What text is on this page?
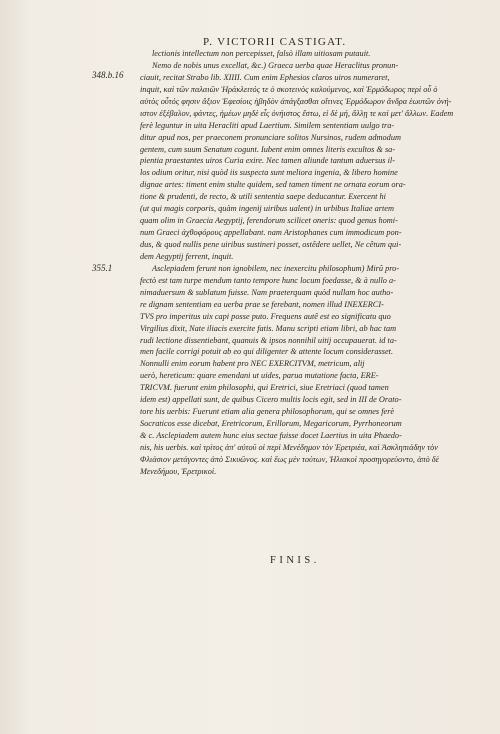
P. VICTORII CASTIGAT.
348.b.16
355.1
lectionis intellectum non percepisset, falsò illam uitiosam putauit.
Nemo de nobis unus excellat, &c.) Graeca uerba quae Heraclitus pronun-
ciauit, recitat Strabo lib. XIIII. Cum enim Ephesios claros uiros numeraret,
inquit, καὶ τῶν παλαιῶν Ἡράκλειτός τε ὁ σκοτεινὸς καλούμενος, καὶ Ἑρμόδωρος περὶ οὗ ὁ
αὐτὸς οὗτός φησιν ἄξιον Ἐφεσίοις ἡβηδὸν ἀπάγξασθαι οἵτινες Ἑρμόδωρον ἄνδρα ἑωυτῶν ὀνή-
ιστον ἐξέβαλον, φάντες, ἡμέων μηδὲ εἷς ὀνήιστος ἔστω, εἰ δὲ μή, ἄλλῃ τε καὶ μετ' ἄλλων. Eadem
ferè leguntur in uita Heracliti apud Laertium. Similem sententiam uulgo tra-
ditur apud nos, per praeconem pronunciare solitos Nursinos, rudem admodum
gentem, cum suum Senatum cogunt. Iubent enim omnes literis excultos & sa-
pientia praestantes uiros Curia exire. Nec tamen aliunde tantum aduersus il-
los odium oritur, nisi quòd iis suspecta sunt meliora ingenia, & libero homine
dignae artes: timent enim stulte quidem, sed tamen timent ne ornata eorum ora-
tione & prudenti, de recto, & utili sententia saepe deducantur. Exercent hi
(ut qui magis corporis, quàm ingenij uiribus ualent) in urbibus Italiae artem
quam olim in Graecia Aegyptij, ferendorum scilicet oneris: quod genus homi-
num Graeci ἀχθοφόρους appellabant. nam Aristophanes cum immodicum pon-
dus, & quod nullis pene uiribus sustineri posset, ostêdere uellet, Ne cêtum qui-
dem Aegyptij ferrent, inquit.
Asclepiadem ferunt non ignobilem, nec inexercitu philosophum) Mirû pro-
fectò est tam turpe mendum tanto tempore hunc locum foedasse, & à nullo a-
nimaduersum & sublatum fuisse. Nam praeterquam quòd nullam hoc autho-
re dignam sententiam ea uerba prae se ferebant, nomen illud INEXERCI-
TVS pro imperitus uix capi posse puto. Frequens autê est eo significatu quo
Virgilius dixit, Nate iliacis exercite fatis. Manu scripti etiam libri, ab hac tam
rudi lectione dissentiebant, quanuis & ipsos nonnihil uitij occupauerat. id ta-
men facile corrigi potuit ab eo qui diligenter & attente locum considerasset.
Nonnulli enim eorum habent pro NEC EXERCITVM, metricum, alij
uerò, hereticum: quare emendani ut uides, parua mutatione facta, ERE-
TRICVM. fuerunt enim philosophi, qui Eretrici, siue Eretriaci (quod tamen
idem est) appellati sunt, de quibus Cicero multis locis egit, sed in III de Orato-
tore his uerbis: Fuerunt etiam alia genera philosophorum, qui se omnes ferè
Socraticos esse dicebat, Eretricorum, Erillorum, Megaricorum, Pyrrhoneorum
& c. Asclepiadem autem hunc eius sectae fuisse docet Laertius in uita Phaedo-
nis, his uerbis. καὶ τρίτος ἀπ' αὐτοῦ οἱ περὶ Μενέδημον τὸν Ἐρετριέα, καὶ Ἀσκληπιάδην τὸν
Φλιάσιον μετάγοντες ἀπὸ Σικυῶνος. καὶ ἕως μὲν τούτων, Ἠλιακοὶ προσηγορεύοντο, ἀπὸ δὲ
Μενεδήμου, Ἐρετρικοί.
FINIS.
